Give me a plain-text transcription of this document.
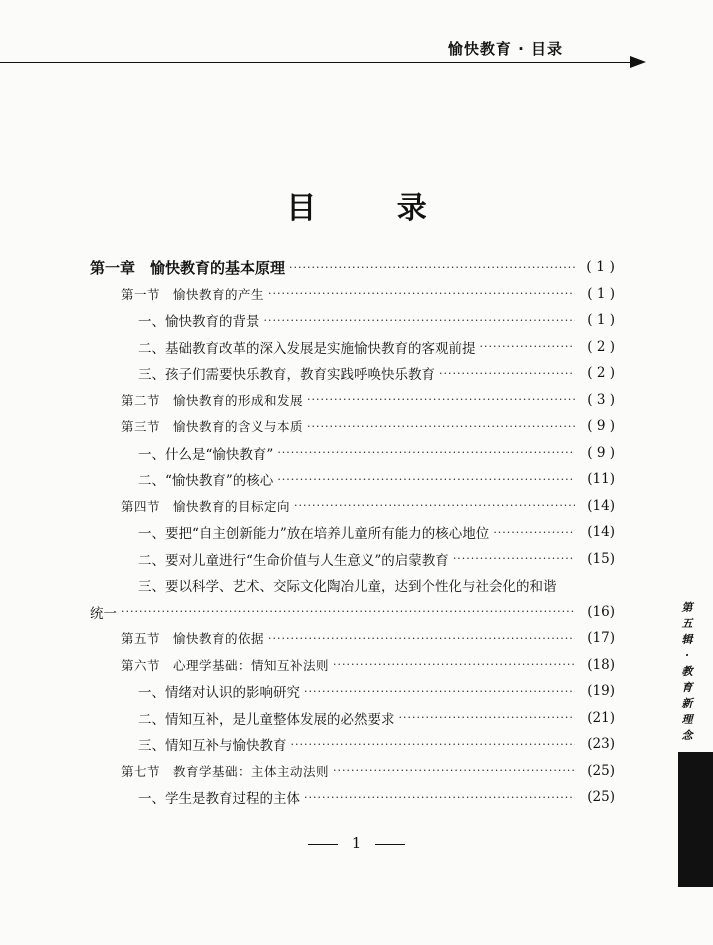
愉快教育 · 目录
目	录
第一章　愉快教育的基本原理 ·····	( 1 )
第一节　愉快教育的产生 ·····	( 1 )
一、愉快教育的背景 ·····	( 1 )
二、基础教育改革的深入发展是实施愉快教育的客观前提 ·····	( 2 )
三、孩子们需要快乐教育，教育实践呼唤快乐教育 ·····	( 2 )
第二节　愉快教育的形成和发展 ·····	( 3 )
第三节　愉快教育的含义与本质 ·····	( 9 )
一、什么是“愉快教育” ·····	( 9 )
二、“愉快教育”的核心 ·····	(11)
第四节　愉快教育的目标定向 ·····	(14)
一、要把“自主创新能力”放在培养儿童所有能力的核心地位 ·····	(14)
二、要对儿童进行“生命价值与人生意义”的启蒙教育 ·····	(15)
三、要以科学、艺术、交际文化陶冶儿童，达到个性化与社会化的和谐
统一 ·····	(16)
第五节　愉快教育的依据 ·····	(17)
第六节　心理学基础：情知互补法则 ·····	(18)
一、情绪对认识的影响研究 ·····	(19)
二、情知互补，是儿童整体发展的必然要求 ·····	(21)
三、情知互补与愉快教育 ·····	(23)
第七节　教育学基础：主体主动法则 ·····	(25)
一、学生是教育过程的主体 ·····	(25)
1
第
五
辑
·
教
育
新
理
念
